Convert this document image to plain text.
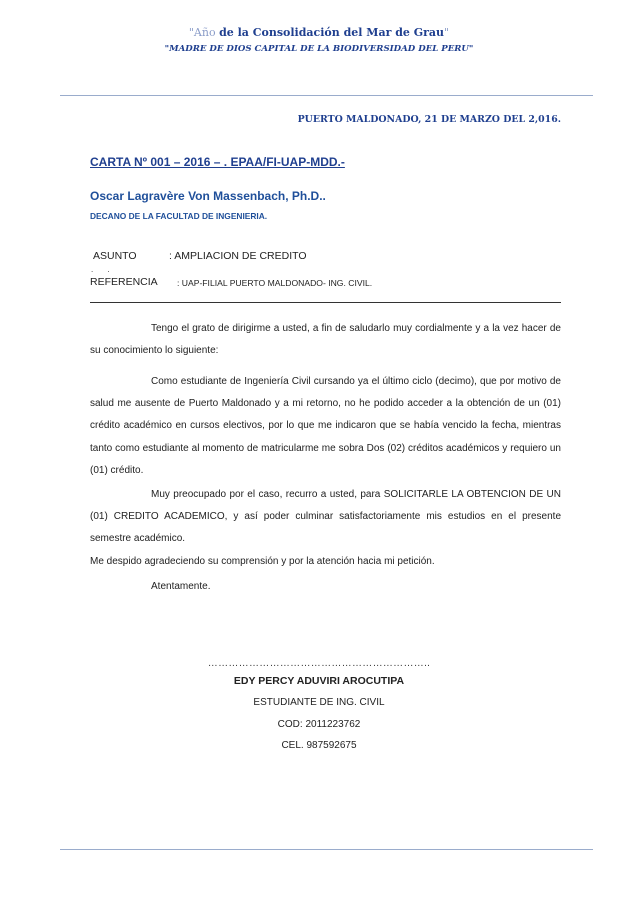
"Año de la Consolidación del Mar de Grau"
"MADRE DE DIOS CAPITAL DE LA BIODIVERSIDAD DEL PERU"
PUERTO MALDONADO, 21 DE MARZO DEL 2,016.
CARTA Nº 001 – 2016 – . EPAA/FI-UAP-MDD.-
Oscar Lagravère Von Massenbach, Ph.D..
DECANO DE LA FACULTAD DE INGENIERIA.
ASUNTO	: AMPLIACION DE CREDITO
. .
REFERENCIA : UAP-FILIAL PUERTO MALDONADO- ING. CIVIL.

Tengo el grato de dirigirme a usted, a fin de saludarlo muy cordialmente y a la vez hacer de su conocimiento lo siguiente:

Como estudiante de Ingeniería Civil cursando ya el último ciclo (decimo), que por motivo de salud me ausente de Puerto Maldonado y a mi retorno, no he podido acceder a la obtención de un (01) crédito académico en cursos electivos, por lo que me indicaron que se había vencido la fecha, mientras tanto como estudiante al momento de matricularme me sobra Dos (02) créditos académicos y requiero un (01) crédito.

Muy preocupado por el caso, recurro a usted, para SOLICITARLE LA OBTENCION DE UN (01) CREDITO ACADEMICO, y así poder culminar satisfactoriamente mis estudios en el presente semestre académico.
Me despido agradeciendo su comprensión y por la atención hacia mi petición.

Atentamente.
………………………………………………………..
EDY PERCY ADUVIRI AROCUTIPA
ESTUDIANTE DE ING. CIVIL
COD: 2011223762
CEL. 987592675
